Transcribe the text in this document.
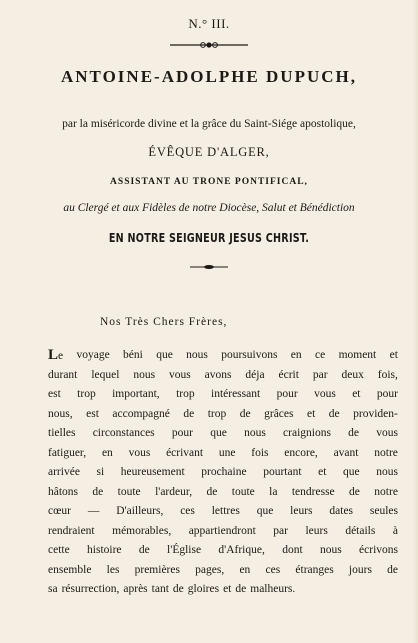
N.° III.
ANTOINE-ADOLPHE DUPUCH,
par la miséricorde divine et la grâce du Saint-Siége apostolique,
ÉVÊQUE D'ALGER,
ASSISTANT AU TRONE PONTIFICAL,
au Clergé et aux Fidèles de notre Diocèse, Salut et Bénédiction
EN NOTRE SEIGNEUR JESUS CHRIST.
Nos Très Chers Frères,
Le voyage béni que nous poursuivons en ce moment et
durant lequel nous vous avons déja écrit par deux fois,
est trop important, trop intéressant pour vous et pour
nous, est accompagné de trop de grâces et de providen-
tielles circonstances pour que nous craignions de vous
fatiguer, en vous écrivant une fois encore, avant notre
arrivée si heureusement prochaine pourtant et que nous
hâtons de toute l'ardeur, de toute la tendresse de notre
cœur — D'ailleurs, ces lettres que leurs dates seules
rendraient mémorables, appartiendront par leurs détails à
cette histoire de l'Église d'Afrique, dont nous écrivons
ensemble les premières pages, en ces étranges jours de
sa résurrection, après tant de gloires et de malheurs.
